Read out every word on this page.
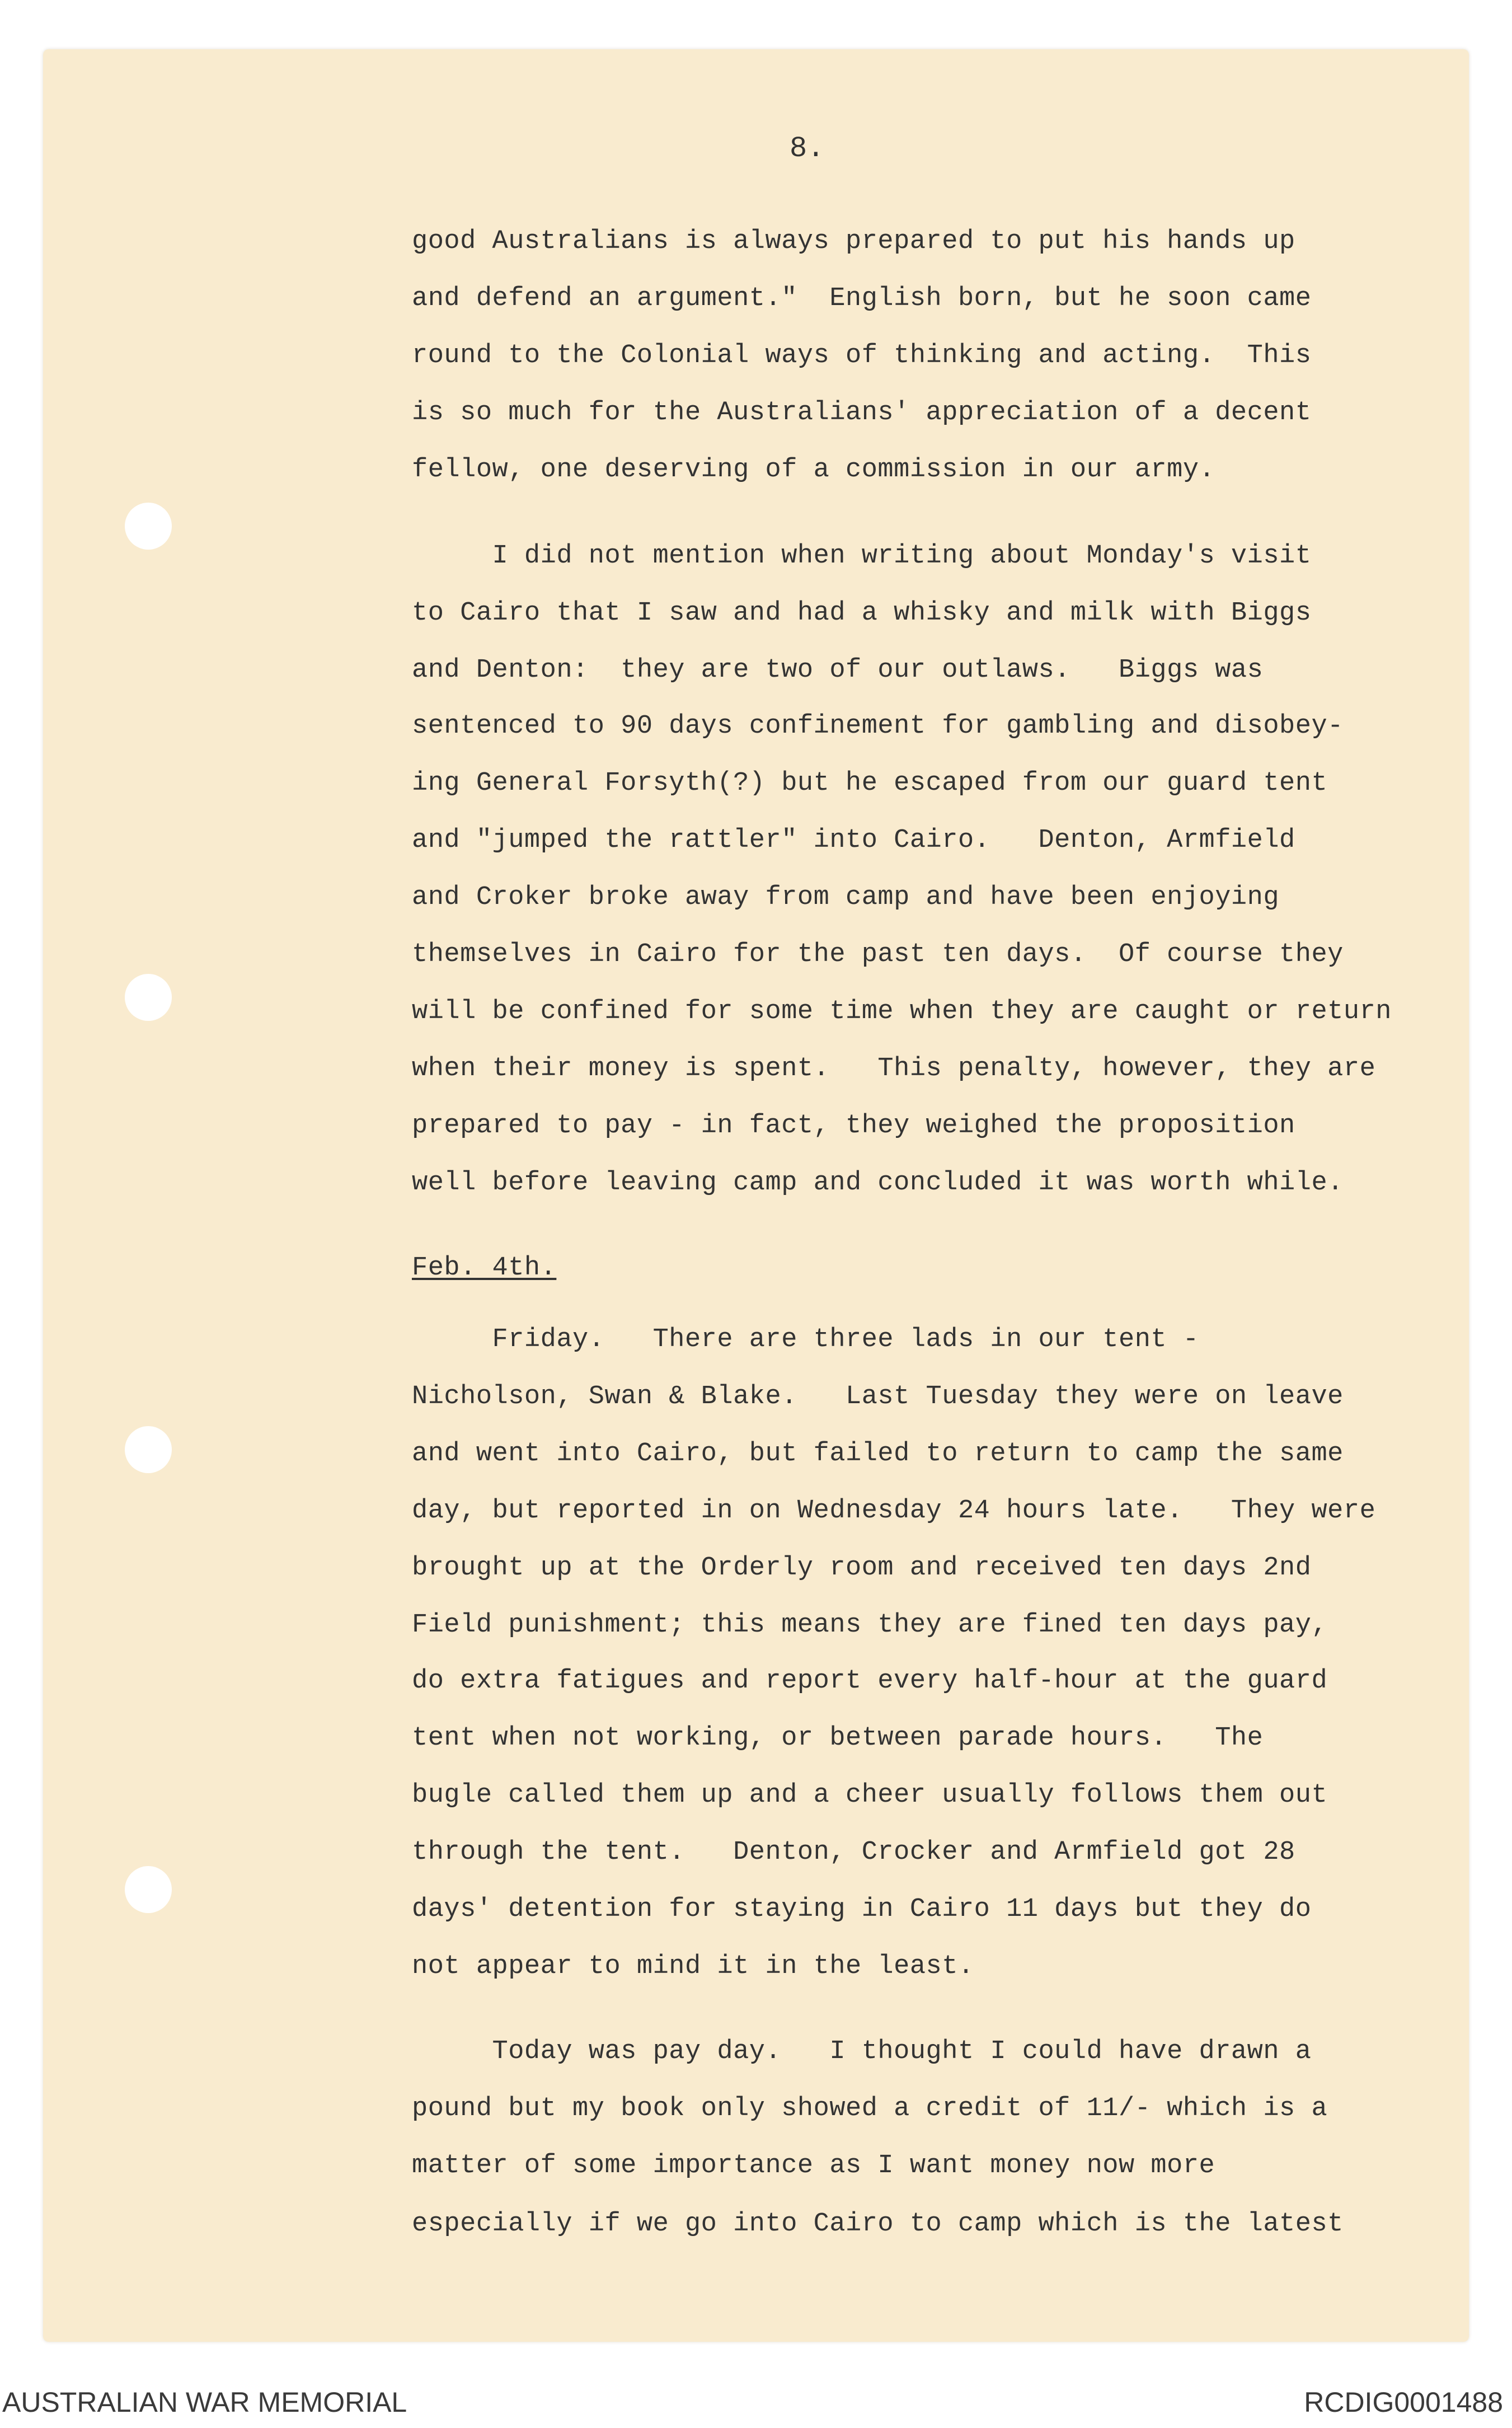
8.

good Australians is always prepared to put his hands up

and defend an argument."  English born, but he soon came

round to the Colonial ways of thinking and acting.  This

is so much for the Australians' appreciation of a decent

fellow, one deserving of a commission in our army.

I did not mention when writing about Monday's visit

to Cairo that I saw and had a whisky and milk with Biggs

and Denton:  they are two of our outlaws.   Biggs was

sentenced to 90 days confinement for gambling and disobey-

ing General Forsyth(?) but he escaped from our guard tent

and "jumped the rattler" into Cairo.   Denton, Armfield

and Croker broke away from camp and have been enjoying

themselves in Cairo for the past ten days.  Of course they

will be confined for some time when they are caught or return

when their money is spent.   This penalty, however, they are

prepared to pay - in fact, they weighed the proposition

well before leaving camp and concluded it was worth while.

Feb. 4th.

Friday.   There are three lads in our tent -

Nicholson, Swan & Blake.   Last Tuesday they were on leave

and went into Cairo, but failed to return to camp the same

day, but reported in on Wednesday 24 hours late.   They were

brought up at the Orderly room and received ten days 2nd

Field punishment; this means they are fined ten days pay,

do extra fatigues and report every half-hour at the guard

tent when not working, or between parade hours.   The

bugle called them up and a cheer usually follows them out

through the tent.   Denton, Crocker and Armfield got 28

days' detention for staying in Cairo 11 days but they do

not appear to mind it in the least.

Today was pay day.   I thought I could have drawn a

pound but my book only showed a credit of 11/- which is a

matter of some importance as I want money now more

especially if we go into Cairo to camp which is the latest

AUSTRALIAN WAR MEMORIAL	RCDIG0001488
